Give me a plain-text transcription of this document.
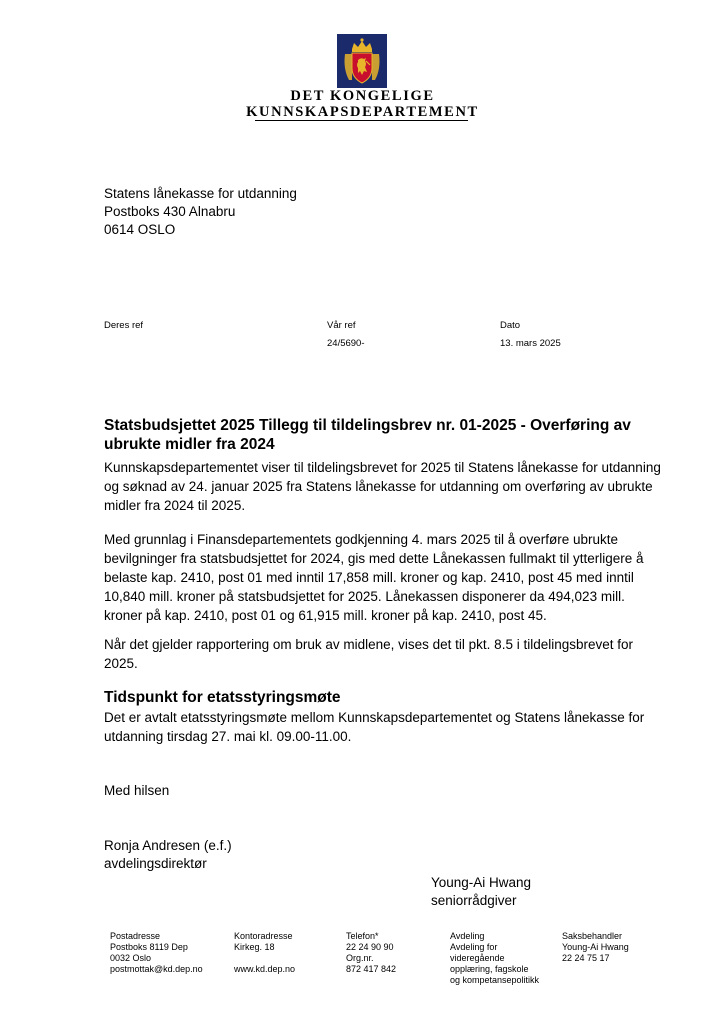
DET KONGELIGE
KUNNSKAPSDEPARTEMENT
Statens lånekasse for utdanning
Postboks 430 Alnabru
0614 OSLO
Deres ref	Vår ref
24/5690-
Dato
13. mars 2025
Statsbudsjettet 2025 Tillegg til tildelingsbrev nr. 01-2025 - Overføring av ubrukte midler fra 2024
Kunnskapsdepartementet viser til tildelingsbrevet for 2025 til Statens lånekasse for utdanning og søknad av 24. januar 2025 fra Statens lånekasse for utdanning om overføring av ubrukte midler fra 2024 til 2025.
Med grunnlag i Finansdepartementets godkjenning 4. mars 2025 til å overføre ubrukte bevilgninger fra statsbudsjettet for 2024, gis med dette Lånekassen fullmakt til ytterligere å belaste kap. 2410, post 01 med inntil 17,858 mill. kroner og kap. 2410, post 45 med inntil 10,840 mill. kroner på statsbudsjettet for 2025. Lånekassen disponerer da 494,023 mill. kroner på kap. 2410, post 01 og 61,915 mill. kroner på kap. 2410, post 45.
Når det gjelder rapportering om bruk av midlene, vises det til pkt. 8.5 i tildelingsbrevet for 2025.
Tidspunkt for etatsstyringsmøte
Det er avtalt etatsstyringsmøte mellom Kunnskapsdepartementet og Statens lånekasse for utdanning tirsdag 27. mai kl. 09.00-11.00.
Med hilsen
Ronja Andresen (e.f.)
avdelingsdirektør
Young-Ai Hwang
seniorrådgiver
Postadresse
Postboks 8119 Dep
0032 Oslo
postmottak@kd.dep.no
Kontoradresse
Kirkeg. 18
www.kd.dep.no
Telefon*
22 24 90 90
Org.nr.
872 417 842
Avdeling
Avdeling for
videregående
opplæring, fagskole
og kompetansepolitikk
Saksbehandler
Young-Ai Hwang
22 24 75 17
